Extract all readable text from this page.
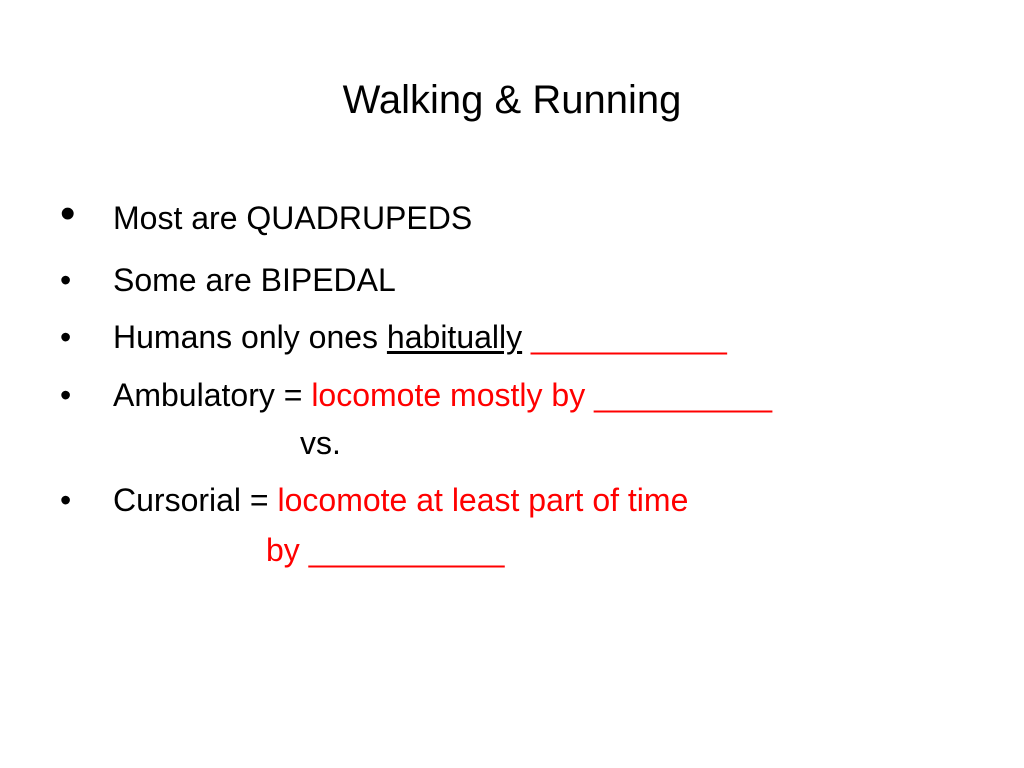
Walking & Running
• Most are QUADRUPEDS
• Some are BIPEDAL
• Humans only ones habitually ___________
• Ambulatory = locomote mostly by __________
vs.
• Cursorial = locomote at least part of time
by ___________
